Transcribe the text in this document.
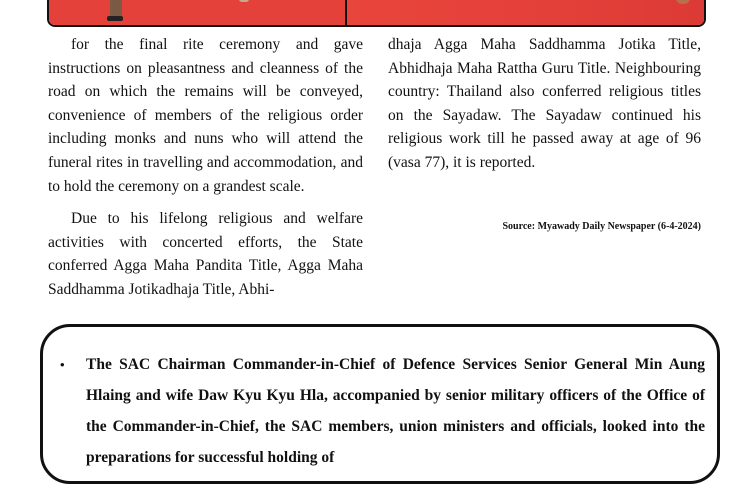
for the final rite ceremony and gave instructions on pleasantness and cleanness of the road on which the remains will be conveyed, convenience of members of the religious order including monks and nuns who will attend the funeral rites in travelling and accommodation, and to hold the ceremony on a grandest scale.

Due to his lifelong religious and welfare activities with concerted efforts, the State conferred Agga Maha Pandita Title, Agga Maha Saddhamma Jotikadhaja Title, Abhi-

dhaja Agga Maha Saddhamma Jotika Title, Abhidhaja Maha Rattha Guru Title. Neighbouring country: Thailand also conferred religious titles on the Sayadaw. The Sayadaw continued his religious work till he passed away at age of 96 (vasa 77), it is reported.

Source: Myawady Daily Newspaper (6-4-2024)
• The SAC Chairman Commander-in-Chief of Defence Services Senior General Min Aung Hlaing and wife Daw Kyu Kyu Hla, accompanied by senior military officers of the Office of the Commander-in-Chief, the SAC members, union ministers and officials, looked into the preparations for successful holding of
